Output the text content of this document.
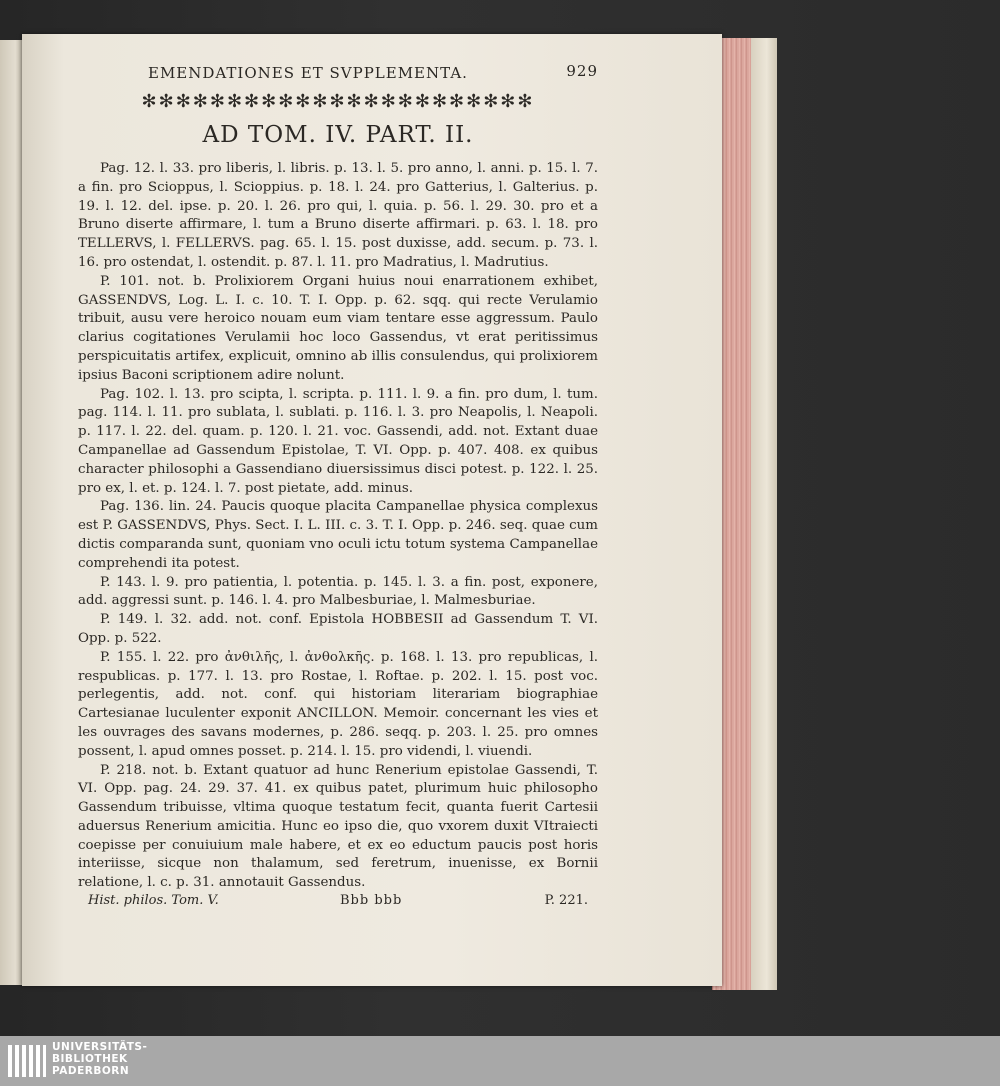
EMENDATIONES ET SVPPLEMENTA.	929
✻✻✻✻✻✻✻✻✻✻✻✻✻✻✻✻✻✻✻✻✻✻✻
AD TOM. IV. PART. II.

Pag. 12. l. 33. pro liberis, l. libris. p. 13. l. 5. pro anno, l. anni. p. 15. l. 7. a fin. pro Scioppus, l. Scioppius. p. 18. l. 24. pro Gatterius, l. Galterius. p. 19. l. 12. del. ipse. p. 20. l. 26. pro qui, l. quia. p. 56. l. 29. 30. pro et a Bruno diserte affirmare, l. tum a Bruno diserte affirmari. p. 63. l. 18. pro TELLERVS, l. FELLERVS. pag. 65. l. 15. post duxisse, add. secum. p. 73. l. 16. pro ostendat, l. ostendit. p. 87. l. 11. pro Madratius, l. Madrutius.

P. 101. not. b. Prolixiorem Organi huius noui enarrationem exhibet, GASSENDVS, Log. L. I. c. 10. T. I. Opp. p. 62. sqq. qui recte Verulamio tribuit, ausu vere heroico nouam eum viam tentare esse aggressum. Paulo clarius cogitationes Verulamii hoc loco Gassendus, vt erat peritissimus perspicuitatis artifex, explicuit, omnino ab illis consulendus, qui prolixiorem ipsius Baconi scriptionem adire nolunt.

Pag. 102. l. 13. pro scipta, l. scripta. p. 111. l. 9. a fin. pro dum, l. tum. pag. 114. l. 11. pro sublata, l. sublati. p. 116. l. 3. pro Neapolis, l. Neapoli. p. 117. l. 22. del. quam. p. 120. l. 21. voc. Gassendi, add. not. Extant duae Campanellae ad Gassendum Epistolae, T. VI. Opp. p. 407. 408. ex quibus character philosophi a Gassendiano diuersissimus disci potest. p. 122. l. 25. pro ex, l. et. p. 124. l. 7. post pietate, add. minus.

Pag. 136. lin. 24. Paucis quoque placita Campanellae physica complexus est P. GASSENDVS, Phys. Sect. I. L. III. c. 3. T. I. Opp. p. 246. seq. quae cum dictis comparanda sunt, quoniam vno oculi ictu totum systema Campanellae comprehendi ita potest.

P. 143. l. 9. pro patientia, l. potentia. p. 145. l. 3. a fin. post, exponere, add. aggressi sunt. p. 146. l. 4. pro Malbesburiae, l. Malmesburiae.

P. 149. l. 32. add. not. conf. Epistola HOBBESII ad Gassendum T. VI. Opp. p. 522.

P. 155. l. 22. pro ἀνθιλῆς, l. ἀνθολκῆς. p. 168. l. 13. pro republicas, l. respublicas. p. 177. l. 13. pro Rostae, l. Roftae. p. 202. l. 15. post voc. perlegentis, add. not. conf. qui historiam literariam biographiae Cartesianae luculenter exponit ANCILLON. Memoir. concernant les vies et les ouvrages des savans modernes, p. 286. seqq. p. 203. l. 25. pro omnes possent, l. apud omnes posset. p. 214. l. 15. pro videndi, l. viuendi.

P. 218. not. b. Extant quatuor ad hunc Renerium epistolae Gassendi, T. VI. Opp. pag. 24. 29. 37. 41. ex quibus patet, plurimum huic philosopho Gassendum tribuisse, vltima quoque testatum fecit, quanta fuerit Cartesii aduersus Renerium amicitia. Hunc eo ipso die, quo vxorem duxit VItraiecti coepisse per conuiuium male habere, et ex eo eductum paucis post horis interiisse, sicque non thalamum, sed feretrum, inuenisse, ex Bornii relatione, l. c. p. 31. annotauit Gassendus.

Hist. philos. Tom. V.	Bbb bbb	P. 221.
UNIVERSITÄTS-
BIBLIOTHEK
PADERBORN
